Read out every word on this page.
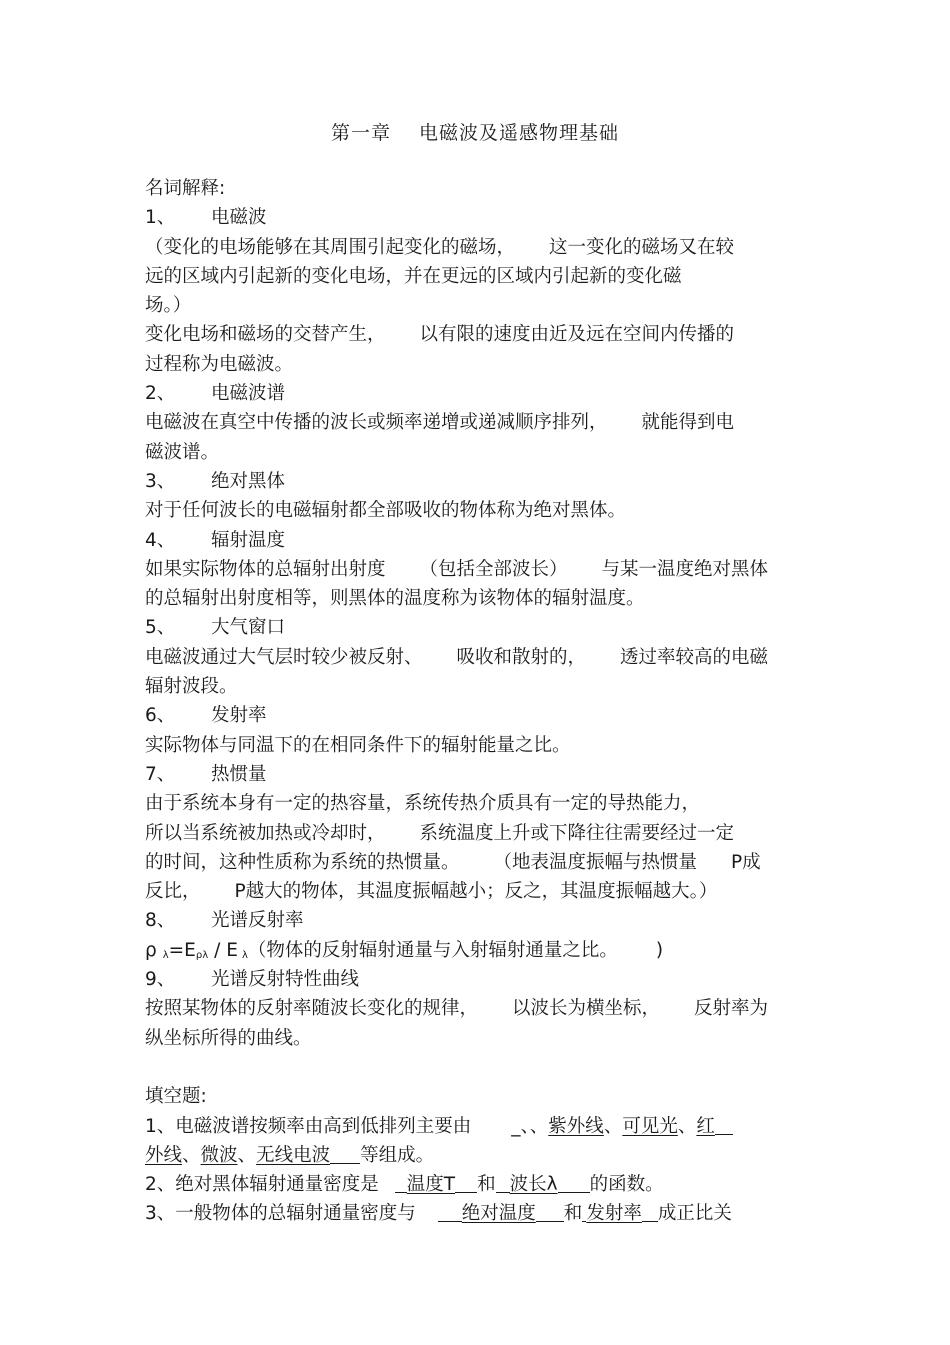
第一章 电磁波及遥感物理基础
名词解释:
1、 电磁波
（变化的电场能够在其周围引起变化的磁场， 这一变化的磁场又在较
远的区域内引起新的变化电场，并在更远的区域内引起新的变化磁
场。）
变化电场和磁场的交替产生， 以有限的速度由近及远在空间内传播的
过程称为电磁波。
2、 电磁波谱
电磁波在真空中传播的波长或频率递增或递减顺序排列， 就能得到电
磁波谱。
3、 绝对黑体
对于任何波长的电磁辐射都全部吸收的物体称为绝对黑体。
4、 辐射温度
如果实际物体的总辐射出射度 （包括全部波长） 与某一温度绝对黑体
的总辐射出射度相等，则黑体的温度称为该物体的辐射温度。
5、 大气窗口
电磁波通过大气层时较少被反射、 吸收和散射的， 透过率较高的电磁
辐射波段。
6、 发射率
实际物体与同温下的在相同条件下的辐射能量之比。
7、 热惯量
由于系统本身有一定的热容量，系统传热介质具有一定的导热能力，
所以当系统被加热或冷却时， 系统温度上升或下降往往需要经过一定
的时间，这种性质称为系统的热惯量。 （地表温度振幅与热惯量 P成
反比， P越大的物体，其温度振幅越小；反之，其温度振幅越大。）
8、 光谱反射率
ρ $_\lambda=E_{\rho\lambda} / E$ $_\lambda$（物体的反射辐射通量与入射辐射通量之比。 )
9、 光谱反射特性曲线
按照某物体的反射率随波长变化的规律， 以波长为横坐标， 反射率为
纵坐标所得的曲线。
填空题:
1、电磁波谱按频率由高到低排列主要由 _、、紫外线、可见光、红
外线、微波、无线电波 等组成。
2、绝对黑体辐射通量密度是 温度T 和 波长λ 的函数。
3、一般物体的总辐射通量密度与 绝对温度 和 发射率 成正比关
